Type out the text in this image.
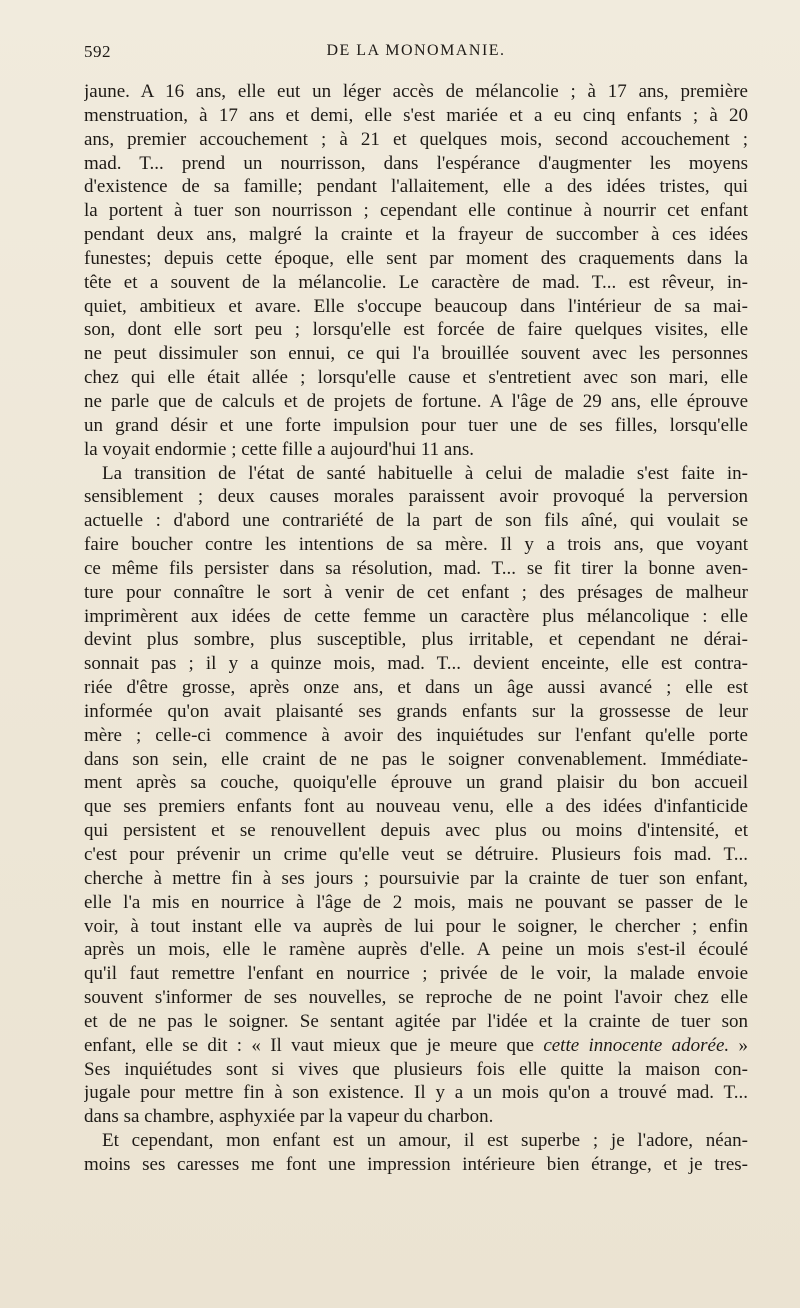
592	DE LA MONOMANIE.
jaune. A 16 ans, elle eut un léger accès de mélancolie ; à 17 ans, première
menstruation, à 17 ans et demi, elle s'est mariée et a eu cinq enfants ; à 20
ans, premier accouchement ; à 21 et quelques mois, second accouchement ;
mad. T... prend un nourrisson, dans l'espérance d'augmenter les moyens
d'existence de sa famille; pendant l'allaitement, elle a des idées tristes, qui
la portent à tuer son nourrisson ; cependant elle continue à nourrir cet enfant
pendant deux ans, malgré la crainte et la frayeur de succomber à ces idées
funestes; depuis cette époque, elle sent par moment des craquements dans la
tête et a souvent de la mélancolie. Le caractère de mad. T... est rêveur, in-
quiet, ambitieux et avare. Elle s'occupe beaucoup dans l'intérieur de sa mai-
son, dont elle sort peu ; lorsqu'elle est forcée de faire quelques visites, elle
ne peut dissimuler son ennui, ce qui l'a brouillée souvent avec les personnes
chez qui elle était allée ; lorsqu'elle cause et s'entretient avec son mari, elle
ne parle que de calculs et de projets de fortune. A l'âge de 29 ans, elle éprouve
un grand désir et une forte impulsion pour tuer une de ses filles, lorsqu'elle
la voyait endormie ; cette fille a aujourd'hui 11 ans.
La transition de l'état de santé habituelle à celui de maladie s'est faite in-
sensiblement ; deux causes morales paraissent avoir provoqué la perversion
actuelle : d'abord une contrariété de la part de son fils aîné, qui voulait se
faire boucher contre les intentions de sa mère. Il y a trois ans, que voyant
ce même fils persister dans sa résolution, mad. T... se fit tirer la bonne aven-
ture pour connaître le sort à venir de cet enfant ; des présages de malheur
imprimèrent aux idées de cette femme un caractère plus mélancolique : elle
devint plus sombre, plus susceptible, plus irritable, et cependant ne dérai-
sonnait pas ; il y a quinze mois, mad. T... devient enceinte, elle est contra-
riée d'être grosse, après onze ans, et dans un âge aussi avancé ; elle est
informée qu'on avait plaisanté ses grands enfants sur la grossesse de leur
mère ; celle-ci commence à avoir des inquiétudes sur l'enfant qu'elle porte
dans son sein, elle craint de ne pas le soigner convenablement. Immédiate-
ment après sa couche, quoiqu'elle éprouve un grand plaisir du bon accueil
que ses premiers enfants font au nouveau venu, elle a des idées d'infanticide
qui persistent et se renouvellent depuis avec plus ou moins d'intensité, et
c'est pour prévenir un crime qu'elle veut se détruire. Plusieurs fois mad. T...
cherche à mettre fin à ses jours ; poursuivie par la crainte de tuer son enfant,
elle l'a mis en nourrice à l'âge de 2 mois, mais ne pouvant se passer de le
voir, à tout instant elle va auprès de lui pour le soigner, le chercher ; enfin
après un mois, elle le ramène auprès d'elle. A peine un mois s'est-il écoulé
qu'il faut remettre l'enfant en nourrice ; privée de le voir, la malade envoie
souvent s'informer de ses nouvelles, se reproche de ne point l'avoir chez elle
et de ne pas le soigner. Se sentant agitée par l'idée et la crainte de tuer son
enfant, elle se dit : « Il vaut mieux que je meure que cette innocente adorée. »
Ses inquiétudes sont si vives que plusieurs fois elle quitte la maison con-
jugale pour mettre fin à son existence. Il y a un mois qu'on a trouvé mad. T...
dans sa chambre, asphyxiée par la vapeur du charbon.
Et cependant, mon enfant est un amour, il est superbe ; je l'adore, néan-
moins ses caresses me font une impression intérieure bien étrange, et je tres-
